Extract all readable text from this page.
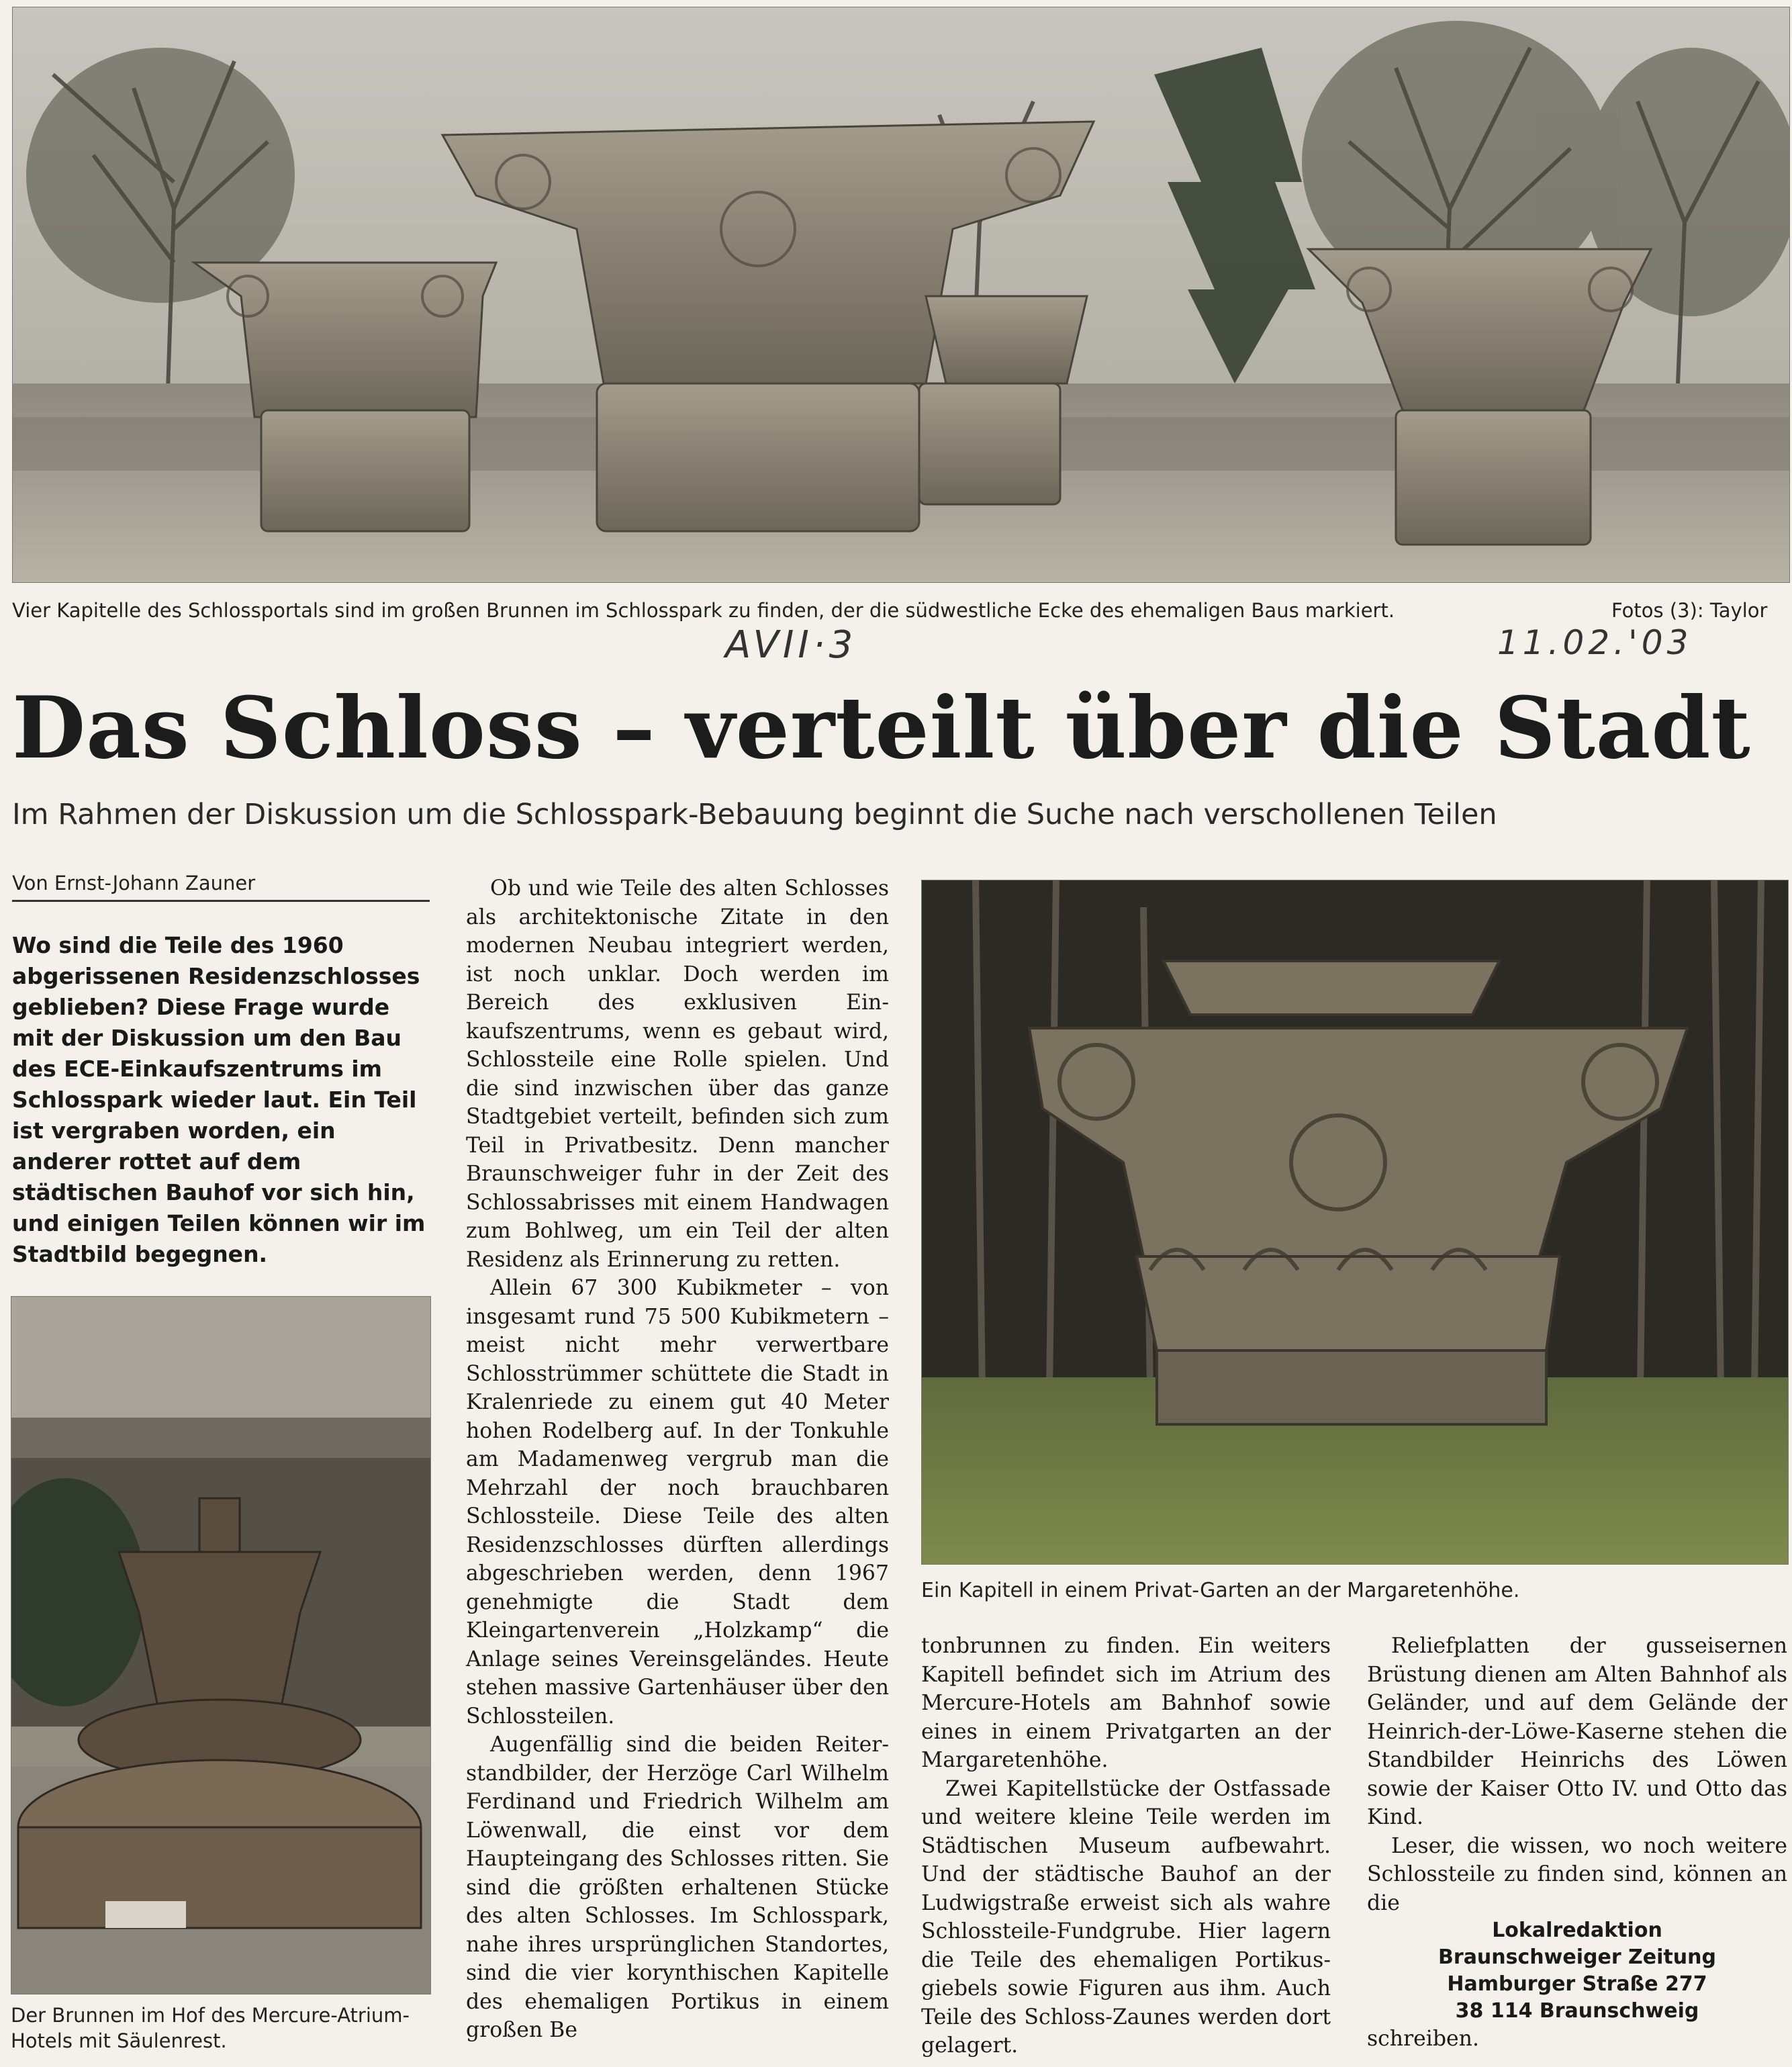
Vier Kapitelle des Schlossportals sind im großen Brunnen im Schlosspark zu finden, der die südwestliche Ecke des ehemaligen Baus markiert.	Fotos (3): Taylor
AVII·3	11.02.'03
Das Schloss – verteilt über die Stadt
Im Rahmen der Diskussion um die Schlosspark-Bebauung beginnt die Suche nach verschollenen Teilen
Von Ernst-Johann Zauner
Wo sind die Teile des 1960 abgerissenen Residenzschlosses geblieben? Diese Frage wurde mit der Diskussion um den Bau des ECE-Einkaufszentrums im Schlosspark wieder laut. Ein Teil ist vergraben worden, ein anderer rottet auf dem städtischen Bauhof vor sich hin, und einigen Teilen können wir im Stadtbild begegnen.
Der Brunnen im Hof des Mercure-Atrium-Hotels mit Säulenrest.
Ein Kapitell in einem Privat-Garten an der Margaretenhöhe.

Ob und wie Teile des alten Schlosses als architektonische Zitate in den modernen Neubau integriert werden, ist noch unklar. Doch werden im Bereich des exklusiven Einkaufszentrums, wenn es gebaut wird, Schlossteile eine Rolle spielen. Und die sind inzwischen über das ganze Stadtgebiet verteilt, befinden sich zum Teil in Privatbesitz. Denn mancher Braunschweiger fuhr in der Zeit des Schlossabrisses mit einem Handwagen zum Bohlweg, um ein Teil der alten Residenz als Erinnerung zu retten.

Allein 67 300 Kubikmeter – von insgesamt rund 75 500 Kubikmetern – meist nicht mehr verwertbare Schlosstrümmer schüttete die Stadt in Kralenriede zu einem gut 40 Meter hohen Rodelberg auf. In der Tonkuhle am Madamenweg vergrub man die Mehrzahl der noch brauchbaren Schlossteile. Diese Teile des alten Residenzschlosses dürften allerdings abgeschrieben werden, denn 1967 genehmigte die Stadt dem Kleingartenverein „Holzkamp“ die Anlage seines Vereinsgeländes. Heute stehen massive Gartenhäuser über den Schlossteilen.

Augenfällig sind die beiden Reiterstandbilder, der Herzöge Carl Wilhelm Ferdinand und Friedrich Wilhelm am Löwenwall, die einst vor dem Haupteingang des Schlosses ritten. Sie sind die größten erhaltenen Stücke des alten Schlosses. Im Schlosspark, nahe ihres ursprünglichen Standortes, sind die vier korynthischen Kapitelle des ehemaligen Portikus in einem großen Be

tonbrunnen zu finden. Ein weiters Kapitell befindet sich im Atrium des Mercure-Hotels am Bahnhof sowie eines in einem Privatgarten an der Margaretenhöhe.

Zwei Kapitellstücke der Ostfassade und weitere kleine Teile werden im Städtischen Museum aufbewahrt. Und der städtische Bauhof an der Ludwigstraße erweist sich als wahre Schlossteile-Fundgrube. Hier lagern die Teile des ehemaligen Portikusgiebels sowie Figuren aus ihm. Auch Teile des Schloss-Zaunes werden dort gelagert.

Reliefplatten der gusseisernen Brüstung dienen am Alten Bahnhof als Geländer, und auf dem Gelände der Heinrich-der-Löwe-Kaserne stehen die Standbilder Heinrichs des Löwen sowie der Kaiser Otto IV. und Otto das Kind.

Leser, die wissen, wo noch weitere Schlossteile zu finden sind, können an die

Lokalredaktion
Braunschweiger Zeitung
Hamburger Straße 277
38 114 Braunschweig

schreiben.
